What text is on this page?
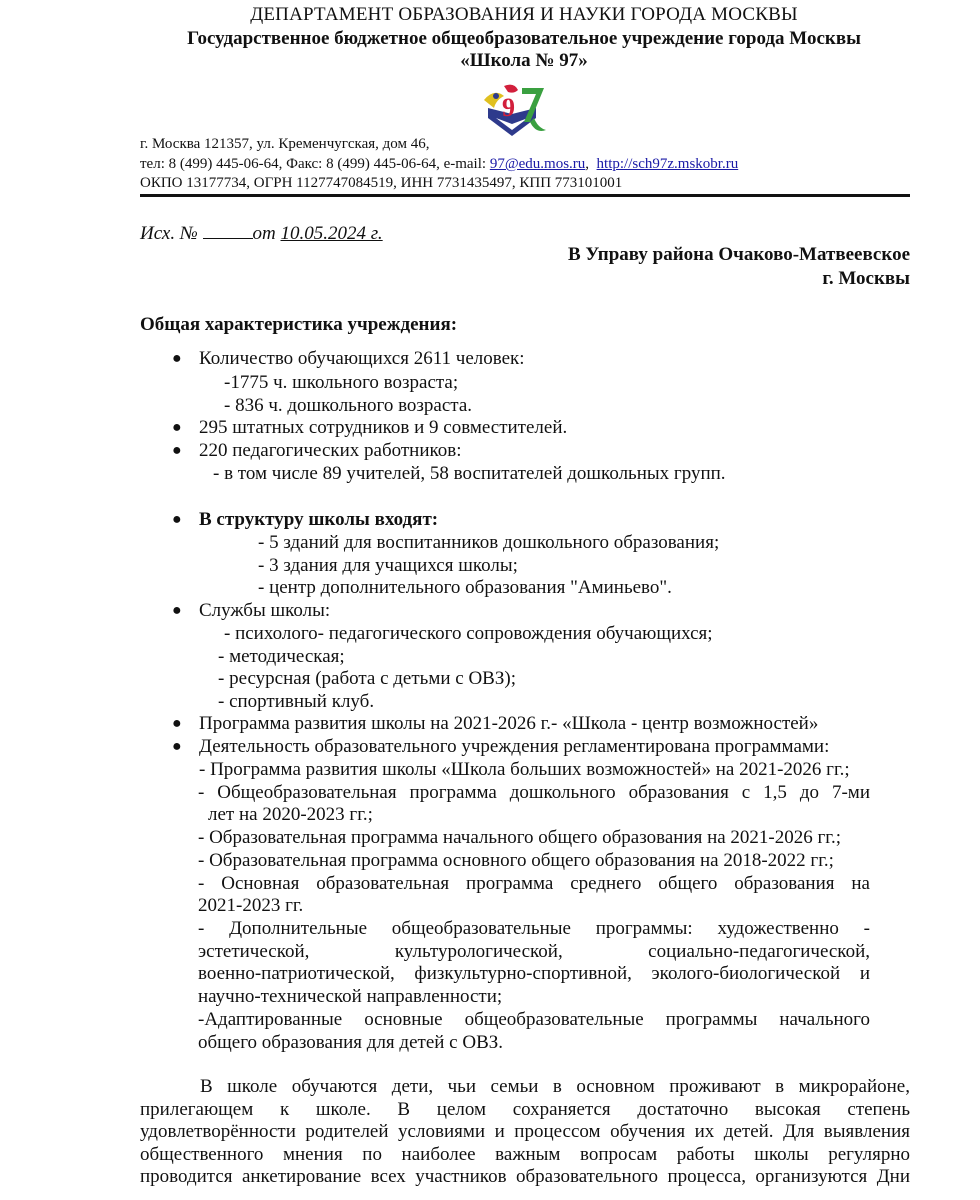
ДЕПАРТАМЕНТ ОБРАЗОВАНИЯ И НАУКИ ГОРОДА МОСКВЫ
Государственное бюджетное общеобразовательное учреждение города Москвы
«Школа № 97»
9
г. Москва 121357, ул. Кременчугская, дом 46,
тел: 8 (499) 445-06-64, Факс: 8 (499) 445-06-64, e-mail: 97@edu.mos.ru,  http://sch97z.mskobr.ru
ОКПО 13177734, ОГРН 1127747084519, ИНН 7731435497, КПП 773101001
Исх. №	от 10.05.2024 г.
В Управу района Очаково-Матвеевское
г. Москвы
Общая характеристика учреждения:
●
●
●
●
●
●
●
Количество обучающихся 2611 человек:
-1775 ч. школьного возраста;
- 836 ч. дошкольного возраста.
295 штатных сотрудников и 9 совместителей.
220 педагогических работников:
- в том числе 89 учителей, 58 воспитателей дошкольных групп.
В структуру школы входят:
- 5 зданий для воспитанников дошкольного образования;
- 3 здания для учащихся школы;
- центр дополнительного образования "Аминьево".
Службы школы:
- психолого- педагогического сопровождения обучающихся;
- методическая;
- ресурсная (работа с детьми с ОВЗ);
- спортивный клуб.
Программа развития школы на 2021-2026 г.- «Школа - центр возможностей»
Деятельность образовательного учреждения регламентирована программами:
- Программа развития школы «Школа больших возможностей» на 2021-2026 гг.;
- Общеобразовательная программа дошкольного образования с 1,5 до 7-ми
лет на 2020-2023 гг.;
- Образовательная программа начального общего образования на 2021-2026 гг.;
- Образовательная программа основного общего образования на 2018-2022 гг.;
- Основная образовательная программа среднего общего образования на
2021-2023 гг.
- Дополнительные общеобразовательные программы: художественно -
эстетической, культурологической, социально-педагогической,
военно-патриотической, физкультурно-спортивной, эколого-биологической и
научно-технической направленности;
-Адаптированные основные общеобразовательные программы начального
общего образования для детей с ОВЗ.
В школе обучаются дети, чьи семьи в основном проживают в микрорайоне,
прилегающем к школе. В целом сохраняется достаточно высокая степень
удовлетворённости родителей условиями и процессом обучения их детей. Для выявления
общественного мнения по наиболее важным вопросам работы школы регулярно
проводится анкетирование всех участников образовательного процесса, организуются Дни
